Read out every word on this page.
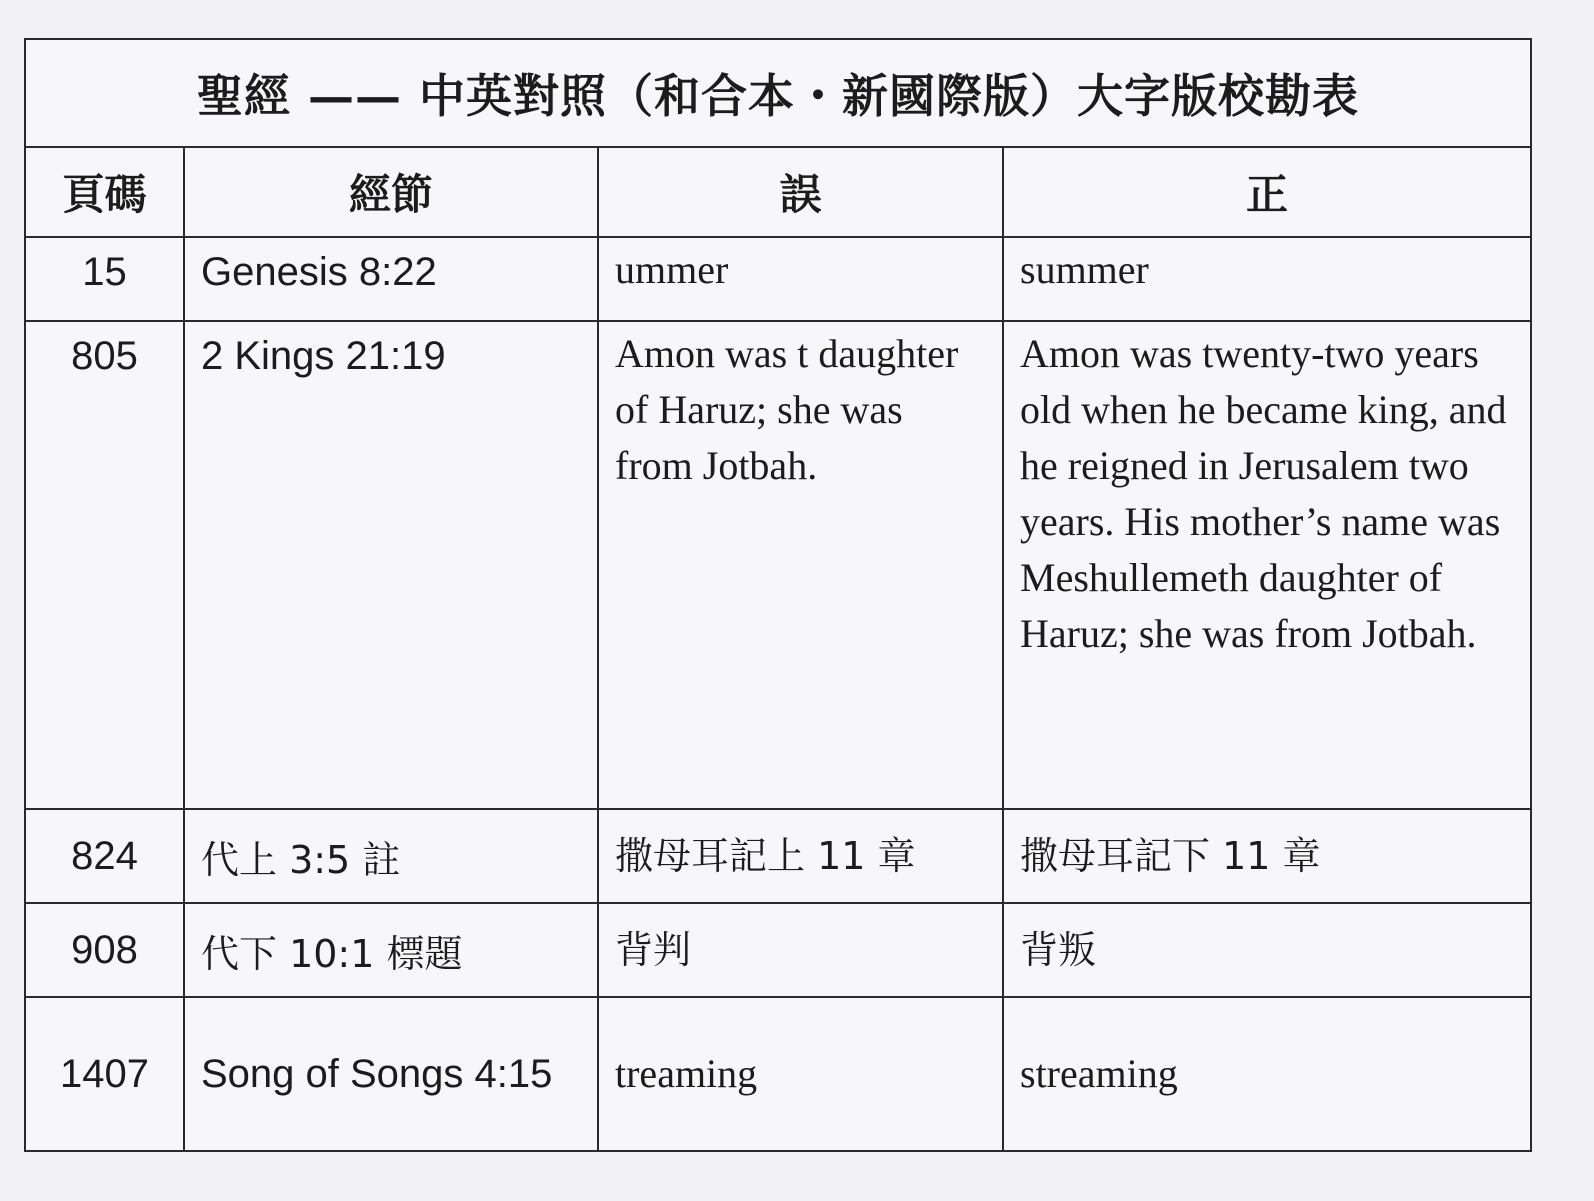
聖經 —— 中英對照（和合本・新國際版）大字版校勘表			
頁碼	經節	誤	正
15	Genesis 8:22	ummer	summer
805	2 Kings 21:19	Amon was t daughter of Haruz; she was from Jotbah.	Amon was twenty-two years old when he became king, and he reigned in Jerusalem two years. His mother’s name was Meshullemeth daughter of Haruz; she was from Jotbah.
824	代上 3:5 註	撒母耳記上 11 章	撒母耳記下 11 章
908	代下 10:1 標題	背判	背叛
1407	Song of Songs 4:15	treaming	streaming
